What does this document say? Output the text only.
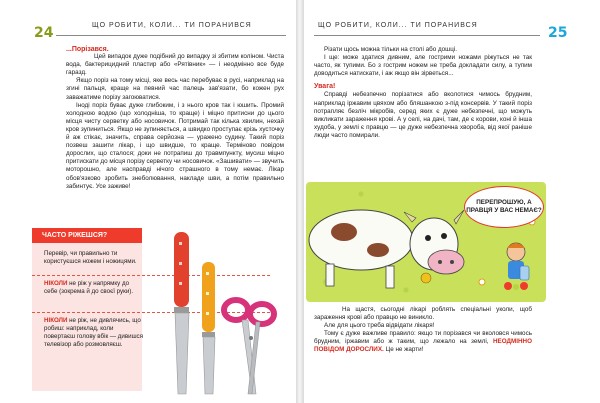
24	ЩО РОБИТИ, КОЛИ... ТИ ПОРАНИВСЯ
...Порізався.

Цей випадок дуже подібний до випадку зі збитим коліном. Чиста вода, бактерицидний пластир або «Рятівник» — і неодмінно все буде гаразд.

Якщо поріз на тому місці, яке весь час перебуває в русі, наприклад на згині пальця, краще на певний час палець зав'язати, бо кожен рух заважатиме порізу загоюватися.

Іноді поріз буває дуже глибоким, і з нього кров так і юшить. Промий холодною водою (що холодніша, то краще) і міцно притисни до цього місця чисту серветку або носовичок. Потримай так кілька хвилин, нехай кров зупиниться. Якщо не зупиняється, а швидко проступає крізь хусточку й аж стікає, значить, справа серйозна — уражено судину. Такий поріз позвеш зашити лікар, і що швидше, то краще. Терміново повідом дорослих, що сталося; доки не потрапиш до травмпункту, мусиш міцно притискати до місця порізу серветку чи носовичок. «Зашивати» — звучить моторошно, але насправді нічого страшного в тому немає. Лікар обов'язково зробить знеболювання, накладе шви, а потім правильно забинтує. Усе заживе!

ЧАСТО РІЖЕШСЯ?
Перевір, чи правильно ти користуєшся ножем і ножицями.
НІКОЛИ не ріж у напрямку до себе (зокрема й до своєї руки).
НІКОЛИ не ріж, не дивлячись, що робиш: наприклад, коли повертаєш голову вбік — дивишся телевізор або розмовляєш.
ЩО РОБИТИ, КОЛИ... ТИ ПОРАНИВСЯ	25

Різати щось можна тільки на столі або дошці.

І ще: може здатися дивним, але гострими ножами ріжуться не так часто, як тупими. Бо з гострим ножем не треба докладати силу, а тупим доводиться натискати, і аж якщо він зірветься...

Увага!

Справді небезпечно порізатися або вколотися чимось брудним, наприклад іржавим цвяхом або бляшанкою з-під консервів. У такий поріз потрапляє безліч мікробів, серед яких є дуже небезпечні, що можуть викликати зараження крові. А у селі, на дачі, там, де є корови, коні й інша худоба, у землі є правцю — це дуже небезпечна хвороба, від якої раніше люди часто помирали.

ПЕРЕПРОШУЮ, А ПРАВЦЯ У ВАС НЕМАЄ?

На щастя, сьогодні лікарі роблять спеціальні уколи, щоб зараження крові або правцю не виникло.

Але для цього треба відвідати лікаря!

Тому є дуже важливе правило: якщо ти порізався чи вколовся чимось брудним, іржавим або ж таким, що лежало на землі, НЕОДМІННО ПОВІДОМ ДОРОСЛИХ. Це не жарти!
